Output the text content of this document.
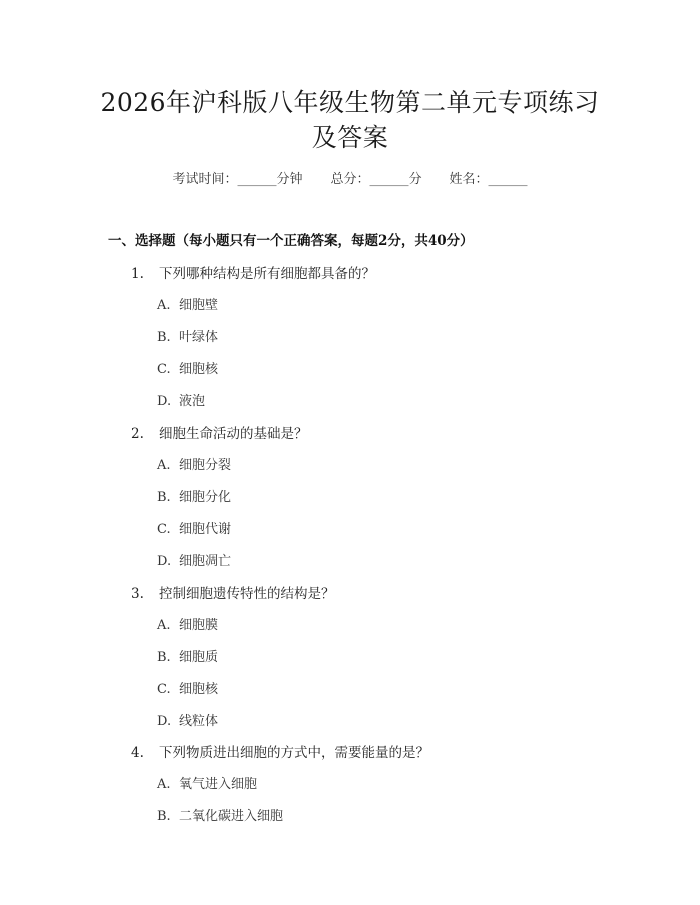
2026年沪科版八年级生物第二单元专项练习
及答案
考试时间：______分钟 总分：______分 姓名：______
一、选择题（每小题只有一个正确答案，每题2分，共40分）
1. 下列哪种结构是所有细胞都具备的？
A. 细胞壁
B. 叶绿体
C. 细胞核
D. 液泡
2. 细胞生命活动的基础是？
A. 细胞分裂
B. 细胞分化
C. 细胞代谢
D. 细胞凋亡
3. 控制细胞遗传特性的结构是？
A. 细胞膜
B. 细胞质
C. 细胞核
D. 线粒体
4. 下列物质进出细胞的方式中，需要能量的是？
A. 氧气进入细胞
B. 二氧化碳进入细胞
